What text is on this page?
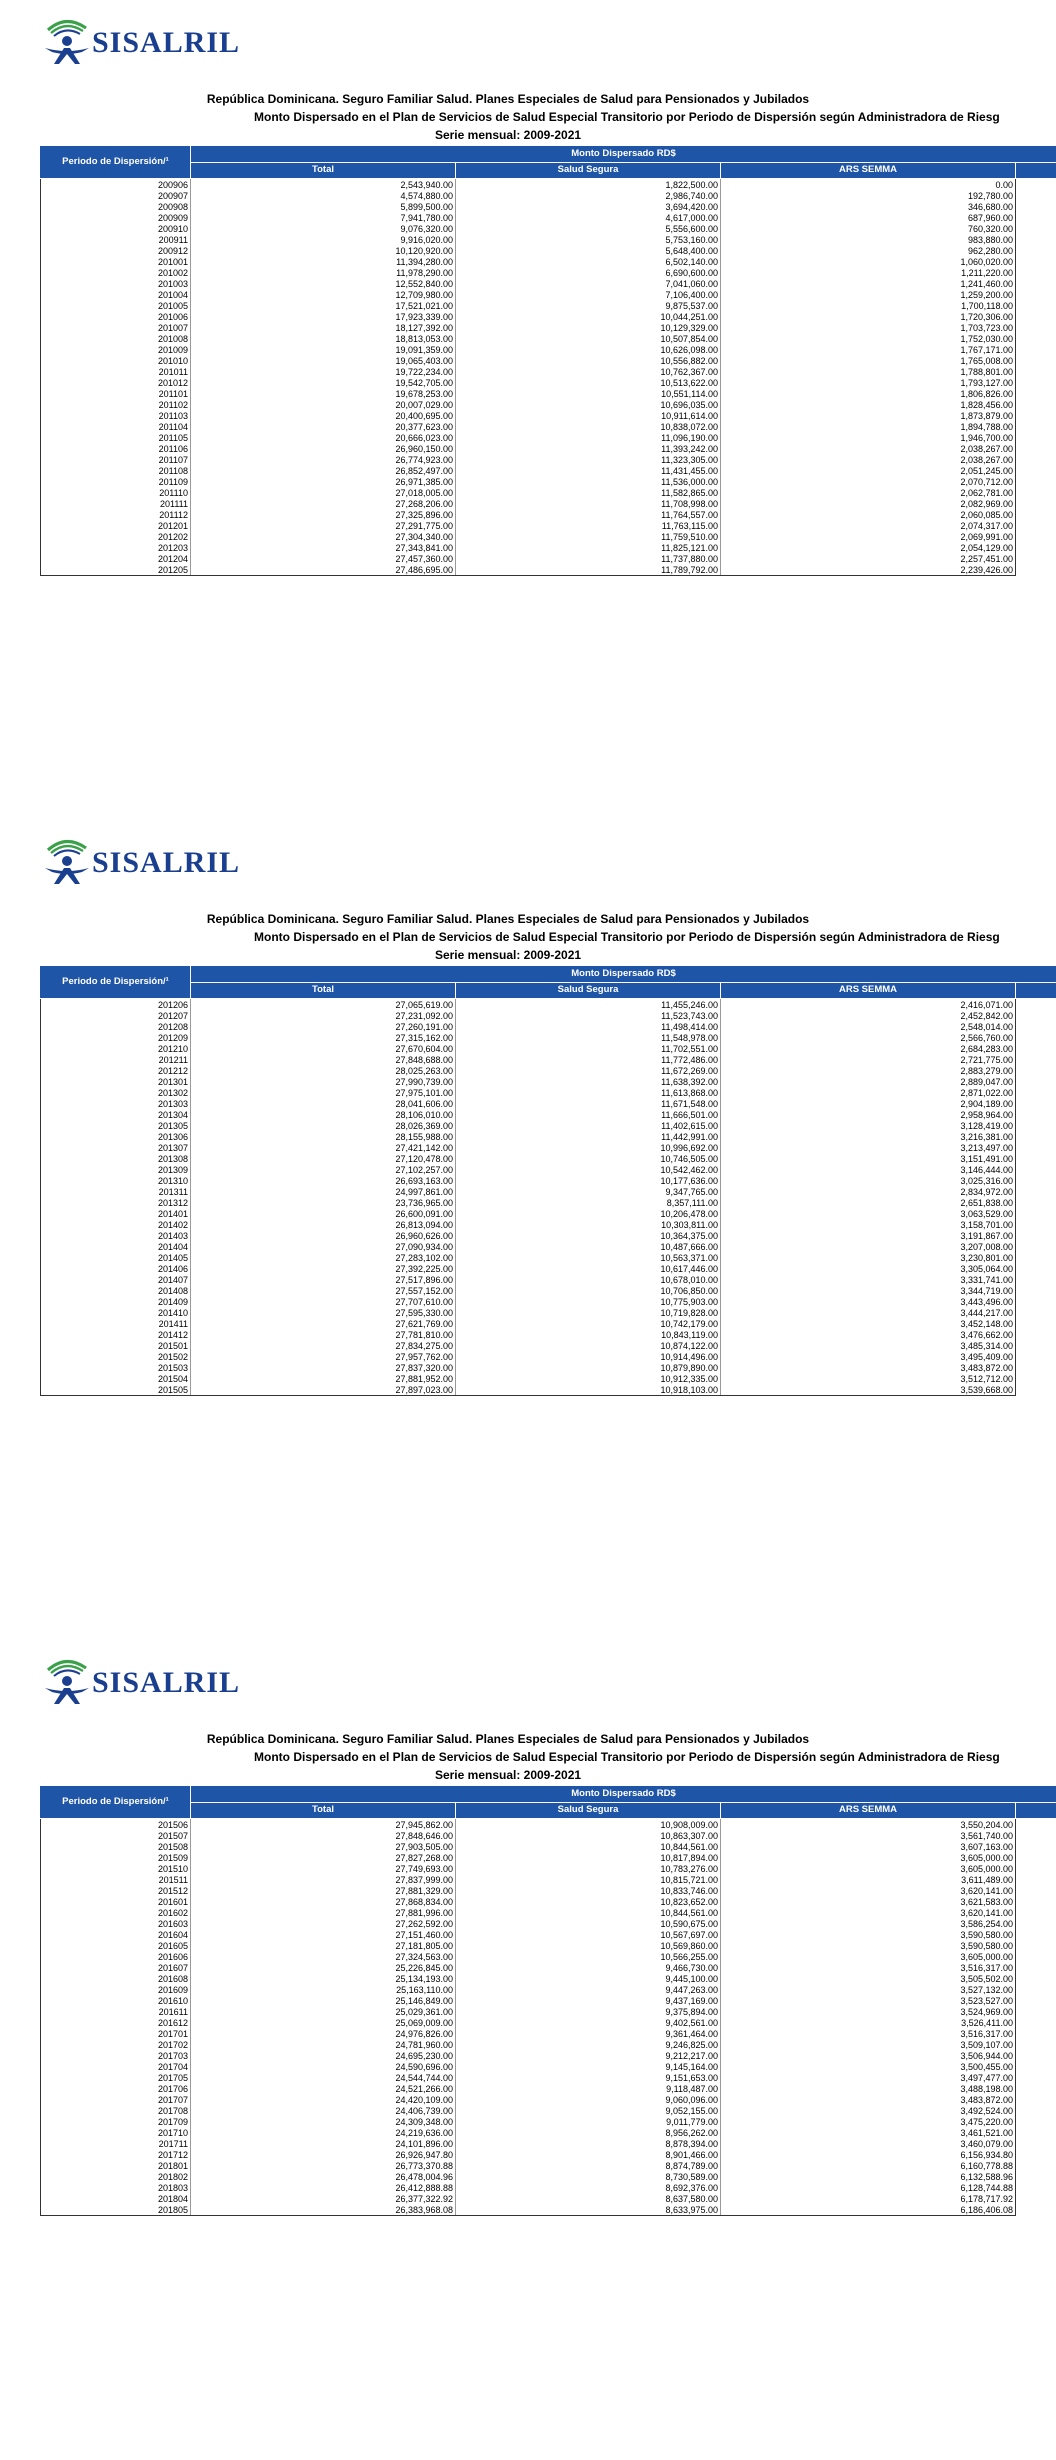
SISALRIL
República Dominicana. Seguro Familiar Salud. Planes Especiales de Salud para Pensionados y Jubilados
Monto Dispersado en el Plan de Servicios de Salud Especial Transitorio por Periodo de Dispersión según Administradora de Riesg
Serie mensual: 2009-2021
Periodo de Dispersión/¹	Monto Dispersado RD$			
	Total	Salud Segura	ARS SEMMA	
200906	2,543,940.00	1,822,500.00	0.00	
200907	4,574,880.00	2,986,740.00	192,780.00	
200908	5,899,500.00	3,694,420.00	346,680.00	
200909	7,941,780.00	4,617,000.00	687,960.00	
200910	9,076,320.00	5,556,600.00	760,320.00	
200911	9,916,020.00	5,753,160.00	983,880.00	
200912	10,120,920.00	5,648,400.00	962,280.00	
201001	11,394,280.00	6,502,140.00	1,060,020.00	
201002	11,978,290.00	6,690,600.00	1,211,220.00	
201003	12,552,840.00	7,041,060.00	1,241,460.00	
201004	12,709,980.00	7,106,400.00	1,259,200.00	
201005	17,521,021.00	9,875,537.00	1,700,118.00	
201006	17,923,339.00	10,044,251.00	1,720,306.00	
201007	18,127,392.00	10,129,329.00	1,703,723.00	
201008	18,813,053.00	10,507,854.00	1,752,030.00	
201009	19,091,359.00	10,626,098.00	1,767,171.00	
201010	19,065,403.00	10,556,882.00	1,765,008.00	
201011	19,722,234.00	10,762,367.00	1,788,801.00	
201012	19,542,705.00	10,513,622.00	1,793,127.00	
201101	19,678,253.00	10,551,114.00	1,806,826.00	
201102	20,007,029.00	10,696,035.00	1,828,456.00	
201103	20,400,695.00	10,911,614.00	1,873,879.00	
201104	20,377,623.00	10,838,072.00	1,894,788.00	
201105	20,666,023.00	11,096,190.00	1,946,700.00	
201106	26,960,150.00	11,393,242.00	2,038,267.00	
201107	26,774,923.00	11,323,305.00	2,038,267.00	
201108	26,852,497.00	11,431,455.00	2,051,245.00	
201109	26,971,385.00	11,536,000.00	2,070,712.00	
201110	27,018,005.00	11,582,865.00	2,062,781.00	
201111	27,268,206.00	11,708,998.00	2,082,969.00	
201112	27,325,896.00	11,764,557.00	2,060,085.00	
201201	27,291,775.00	11,763,115.00	2,074,317.00	
201202	27,304,340.00	11,759,510.00	2,069,991.00	
201203	27,343,841.00	11,825,121.00	2,054,129.00	
201204	27,457,360.00	11,737,880.00	2,257,451.00	
201205	27,486,695.00	11,789,792.00	2,239,426.00	
SISALRIL
República Dominicana. Seguro Familiar Salud. Planes Especiales de Salud para Pensionados y Jubilados
Monto Dispersado en el Plan de Servicios de Salud Especial Transitorio por Periodo de Dispersión según Administradora de Riesg
Serie mensual: 2009-2021
Periodo de Dispersión/¹	Monto Dispersado RD$			
	Total	Salud Segura	ARS SEMMA	
201206	27,065,619.00	11,455,246.00	2,416,071.00	
201207	27,231,092.00	11,523,743.00	2,452,842.00	
201208	27,260,191.00	11,498,414.00	2,548,014.00	
201209	27,315,162.00	11,548,978.00	2,566,760.00	
201210	27,670,604.00	11,702,551.00	2,684,283.00	
201211	27,848,688.00	11,772,486.00	2,721,775.00	
201212	28,025,263.00	11,672,269.00	2,883,279.00	
201301	27,990,739.00	11,638,392.00	2,889,047.00	
201302	27,975,101.00	11,613,868.00	2,871,022.00	
201303	28,041,606.00	11,671,548.00	2,904,189.00	
201304	28,106,010.00	11,666,501.00	2,958,964.00	
201305	28,026,369.00	11,402,615.00	3,128,419.00	
201306	28,155,988.00	11,442,991.00	3,216,381.00	
201307	27,421,142.00	10,996,692.00	3,213,497.00	
201308	27,120,478.00	10,746,505.00	3,151,491.00	
201309	27,102,257.00	10,542,462.00	3,146,444.00	
201310	26,693,163.00	10,177,636.00	3,025,316.00	
201311	24,997,861.00	9,347,765.00	2,834,972.00	
201312	23,736,965.00	8,357,111.00	2,651,838.00	
201401	26,600,091.00	10,206,478.00	3,063,529.00	
201402	26,813,094.00	10,303,811.00	3,158,701.00	
201403	26,960,626.00	10,364,375.00	3,191,867.00	
201404	27,090,934.00	10,487,666.00	3,207,008.00	
201405	27,283,102.00	10,563,371.00	3,230,801.00	
201406	27,392,225.00	10,617,446.00	3,305,064.00	
201407	27,517,896.00	10,678,010.00	3,331,741.00	
201408	27,557,152.00	10,706,850.00	3,344,719.00	
201409	27,707,610.00	10,775,903.00	3,443,496.00	
201410	27,595,330.00	10,719,828.00	3,444,217.00	
201411	27,621,769.00	10,742,179.00	3,452,148.00	
201412	27,781,810.00	10,843,119.00	3,476,662.00	
201501	27,834,275.00	10,874,122.00	3,485,314.00	
201502	27,957,762.00	10,914,496.00	3,495,409.00	
201503	27,837,320.00	10,879,890.00	3,483,872.00	
201504	27,881,952.00	10,912,335.00	3,512,712.00	
201505	27,897,023.00	10,918,103.00	3,539,668.00	
SISALRIL
República Dominicana. Seguro Familiar Salud. Planes Especiales de Salud para Pensionados y Jubilados
Monto Dispersado en el Plan de Servicios de Salud Especial Transitorio por Periodo de Dispersión según Administradora de Riesg
Serie mensual: 2009-2021
Periodo de Dispersión/¹	Monto Dispersado RD$			
	Total	Salud Segura	ARS SEMMA	
201506	27,945,862.00	10,908,009.00	3,550,204.00	
201507	27,848,646.00	10,863,307.00	3,561,740.00	
201508	27,903,505.00	10,844,561.00	3,607,163.00	
201509	27,827,268.00	10,817,894.00	3,605,000.00	
201510	27,749,693.00	10,783,276.00	3,605,000.00	
201511	27,837,999.00	10,815,721.00	3,611,489.00	
201512	27,881,329.00	10,833,746.00	3,620,141.00	
201601	27,868,834.00	10,823,652.00	3,621,583.00	
201602	27,881,996.00	10,844,561.00	3,620,141.00	
201603	27,262,592.00	10,590,675.00	3,586,254.00	
201604	27,151,460.00	10,567,697.00	3,590,580.00	
201605	27,181,805.00	10,569,860.00	3,590,580.00	
201606	27,324,563.00	10,566,255.00	3,605,000.00	
201607	25,226,845.00	9,466,730.00	3,516,317.00	
201608	25,134,193.00	9,445,100.00	3,505,502.00	
201609	25,163,110.00	9,447,263.00	3,527,132.00	
201610	25,146,849.00	9,437,169.00	3,523,527.00	
201611	25,029,361.00	9,375,894.00	3,524,969.00	
201612	25,069,009.00	9,402,561.00	3,526,411.00	
201701	24,976,826.00	9,361,464.00	3,516,317.00	
201702	24,781,960.00	9,246,825.00	3,509,107.00	
201703	24,695,230.00	9,212,217.00	3,506,944.00	
201704	24,590,696.00	9,145,164.00	3,500,455.00	
201705	24,544,744.00	9,151,653.00	3,497,477.00	
201706	24,521,266.00	9,118,487.00	3,488,198.00	
201707	24,420,109.00	9,060,096.00	3,483,872.00	
201708	24,406,739.00	9,052,155.00	3,492,524.00	
201709	24,309,348.00	9,011,779.00	3,475,220.00	
201710	24,219,636.00	8,956,262.00	3,461,521.00	
201711	24,101,896.00	8,878,394.00	3,460,079.00	
201712	26,926,947.80	8,901,466.00	6,156,934.80	
201801	26,773,370.88	8,874,789.00	6,160,778.88	
201802	26,478,004.96	8,730,589.00	6,132,588.96	
201803	26,412,888.88	8,692,376.00	6,128,744.88	
201804	26,377,322.92	8,637,580.00	6,178,717.92	
201805	26,383,968.08	8,633,975.00	6,186,406.08	
